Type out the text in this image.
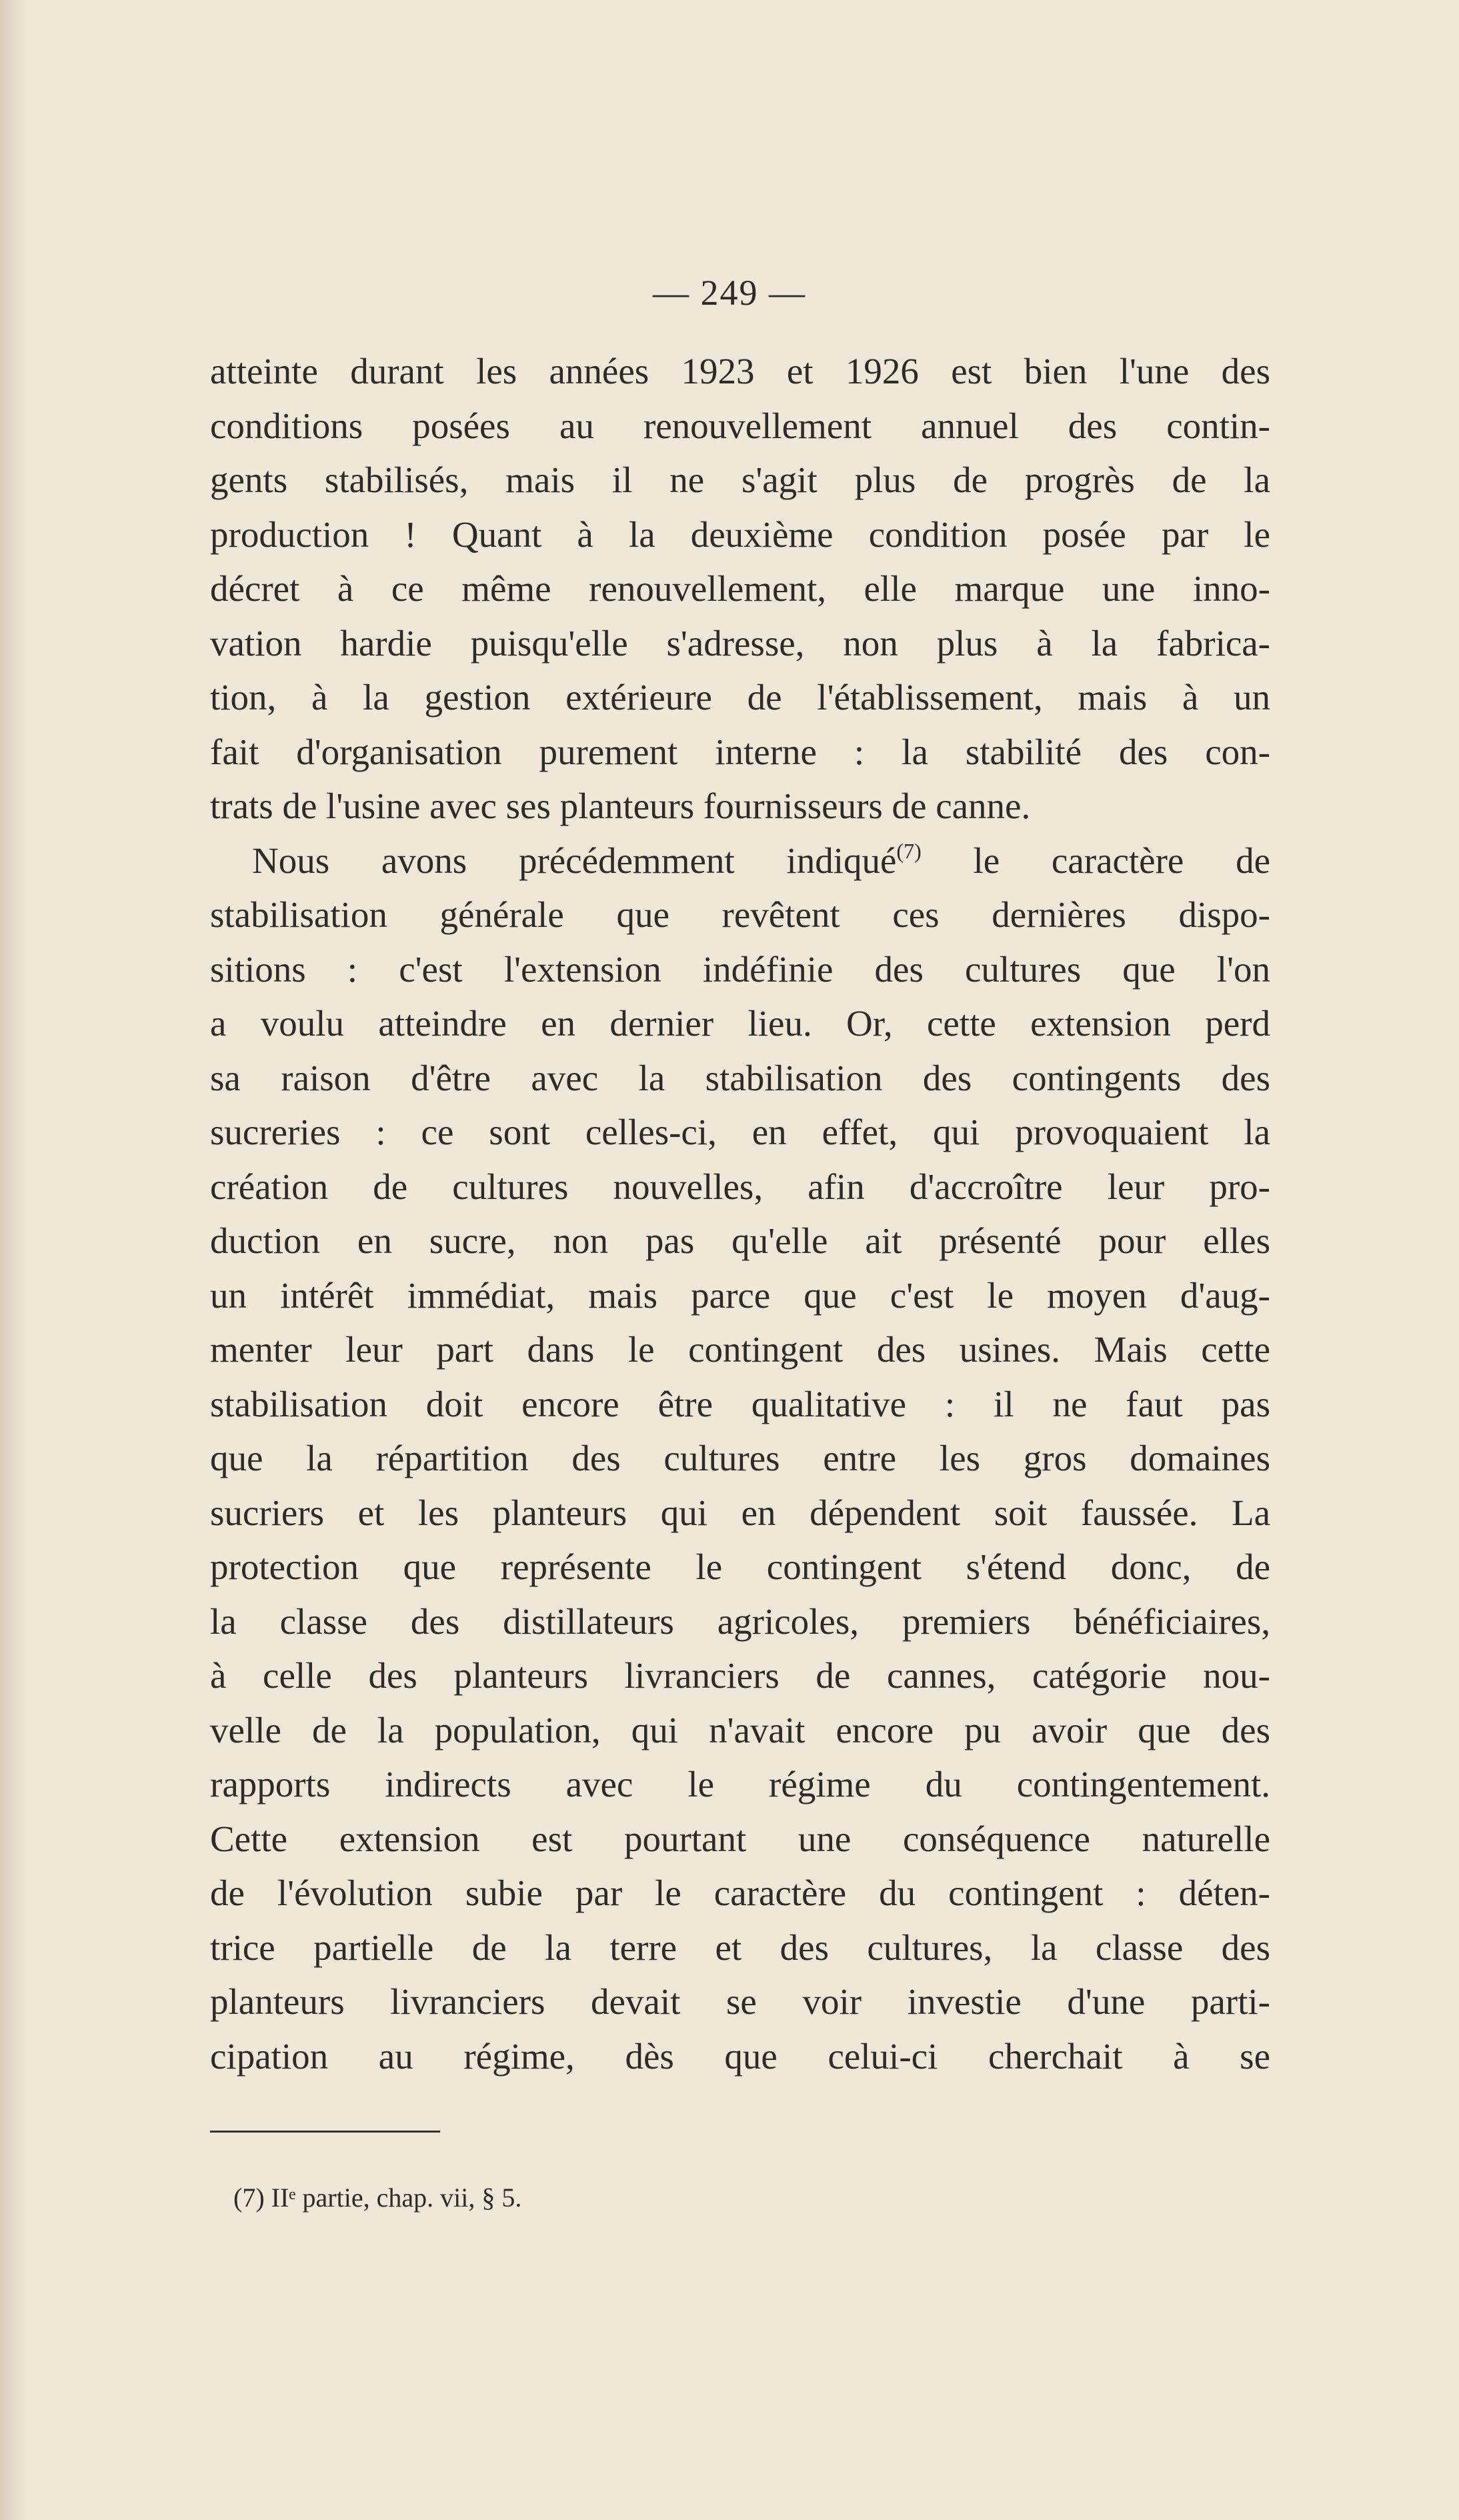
— 249 —
atteinte durant les années 1923 et 1926 est bien l'une des
conditions posées au renouvellement annuel des contin-
gents stabilisés, mais il ne s'agit plus de progrès de la
production ! Quant à la deuxième condition posée par le
décret à ce même renouvellement, elle marque une inno-
vation hardie puisqu'elle s'adresse, non plus à la fabrica-
tion, à la gestion extérieure de l'établissement, mais à un
fait d'organisation purement interne : la stabilité des con-
trats de l'usine avec ses planteurs fournisseurs de canne.
Nous avons précédemment indiqué$^{(7)}$ le caractère de
stabilisation générale que revêtent ces dernières dispo-
sitions : c'est l'extension indéfinie des cultures que l'on
a voulu atteindre en dernier lieu. Or, cette extension perd
sa raison d'être avec la stabilisation des contingents des
sucreries : ce sont celles-ci, en effet, qui provoquaient la
création de cultures nouvelles, afin d'accroître leur pro-
duction en sucre, non pas qu'elle ait présenté pour elles
un intérêt immédiat, mais parce que c'est le moyen d'aug-
menter leur part dans le contingent des usines. Mais cette
stabilisation doit encore être qualitative : il ne faut pas
que la répartition des cultures entre les gros domaines
sucriers et les planteurs qui en dépendent soit faussée. La
protection que représente le contingent s'étend donc, de
la classe des distillateurs agricoles, premiers bénéficiaires,
à celle des planteurs livranciers de cannes, catégorie nou-
velle de la population, qui n'avait encore pu avoir que des
rapports indirects avec le régime du contingentement.
Cette extension est pourtant une conséquence naturelle
de l'évolution subie par le caractère du contingent : déten-
trice partielle de la terre et des cultures, la classe des
planteurs livranciers devait se voir investie d'une parti-
cipation au régime, dès que celui-ci cherchait à se
(7) IIᵉ partie, chap. vii, § 5.
